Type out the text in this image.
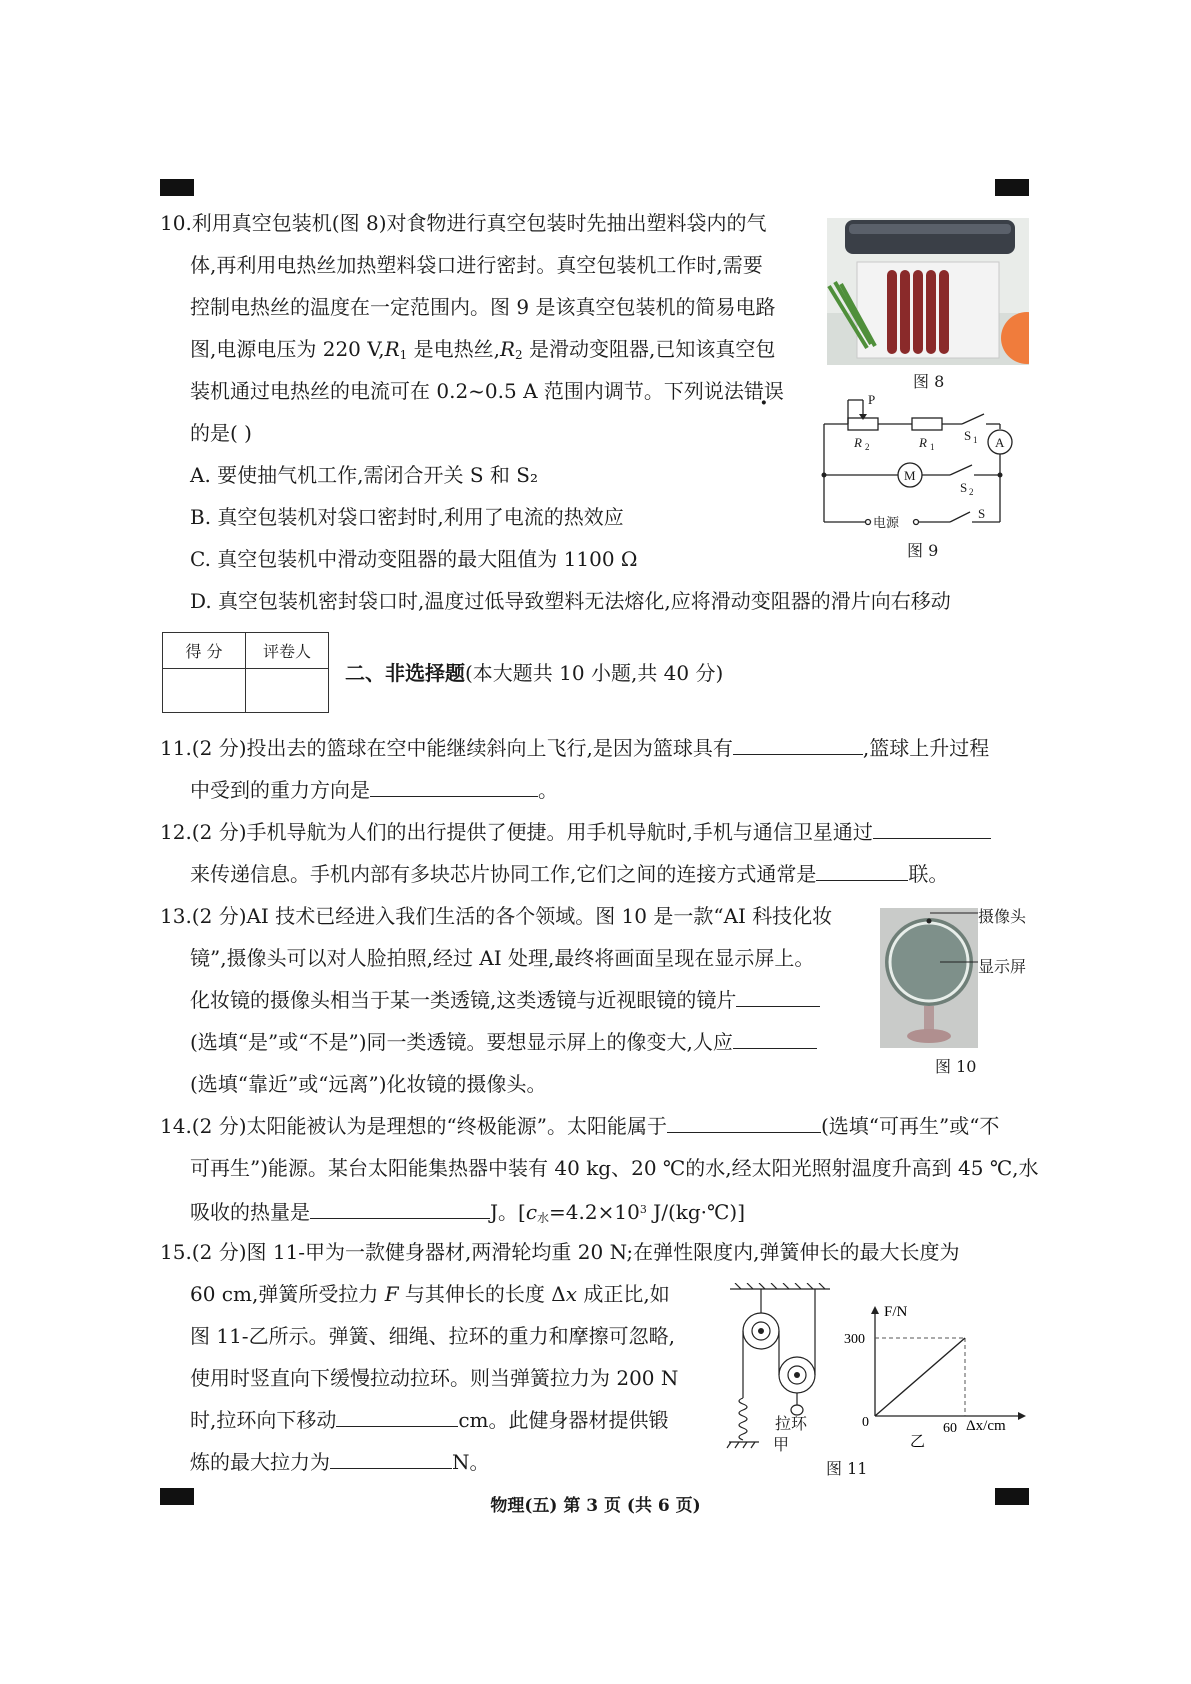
10.利用真空包装机(图 8)对食物进行真空包装时先抽出塑料袋内的气
体,再利用电热丝加热塑料袋口进行密封。真空包装机工作时,需要
控制电热丝的温度在一定范围内。图 9 是该真空包装机的简易电路
图,电源电压为 220 $V,R_1$ 是电热丝$,R_2$ 是滑动变阻器,已知该真空包
装机通过电热丝的电流可在 0.2~0.5 A 范围内调节。下列说法错误
的是( )
A. 要使抽气机工作,需闭合开关 S 和 S₂
B. 真空包装机对袋口密封时,利用了电流的热效应
C. 真空包装机中滑动变阻器的最大阻值为 1100 Ω
D. 真空包装机密封袋口时,温度过低导致塑料无法熔化,应将滑动变阻器的滑片向右移动
图 8
P
R 2	R 1
S 1 A
M
S 2
电源
S
图 9
得 分	评卷人

二、非选择题(本大题共 10 小题,共 40 分)
11.(2 分)投出去的篮球在空中能继续斜向上飞行,是因为篮球具有	,篮球上升过程
中受到的重力方向是	。
12.(2 分)手机导航为人们的出行提供了便捷。用手机导航时,手机与通信卫星通过
来传递信息。手机内部有多块芯片协同工作,它们之间的连接方式通常是	联。
13.(2 分)AI 技术已经进入我们生活的各个领域。图 10 是一款“AI 科技化妆
镜”,摄像头可以对人脸拍照,经过 AI 处理,最终将画面呈现在显示屏上。
化妆镜的摄像头相当于某一类透镜,这类透镜与近视眼镜的镜片
(选填“是”或“不是”)同一类透镜。要想显示屏上的像变大,人应
(选填“靠近”或“远离”)化妆镜的摄像头。
摄像头
显示屏
图 10
14.(2 分)太阳能被认为是理想的“终极能源”。太阳能属于	(选填“可再生”或“不
可再生”)能源。某台太阳能集热器中装有 40 kg、20 ℃的水,经太阳光照射温度升高到 45 ℃,水
吸收的热量是	J。[$c_水=4.2\times 10^3$ J/(kg·℃)]
15.(2 分)图 11-甲为一款健身器材,两滑轮均重 20 N;在弹性限度内,弹簧伸长的最大长度为
60 cm,弹簧所受拉力 F 与其伸长的长度 Δx 成正比,如
图 11-乙所示。弹簧、细绳、拉环的重力和摩擦可忽略,
使用时竖直向下缓慢拉动拉环。则当弹簧拉力为 200 N
时,拉环向下移动	cm。此健身器材提供锻
炼的最大拉力为	N。
拉环
甲
F/N
Δx/cm
300
0	60
乙
图 11
物理(五) 第 3 页 (共 6 页)
